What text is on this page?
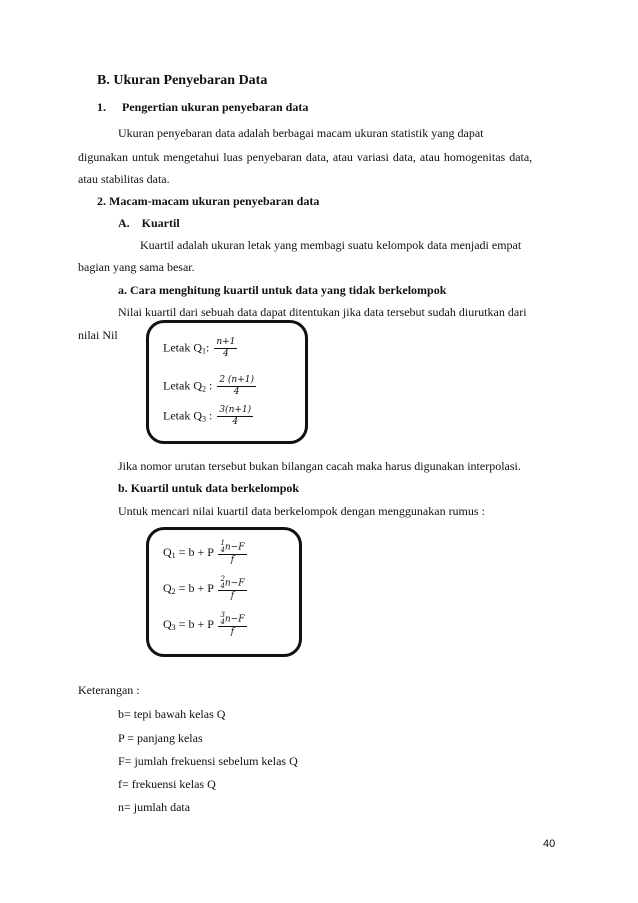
B. Ukuran Penyebaran Data
1. Pengertian ukuran penyebaran data
Ukuran penyebaran data adalah berbagai macam ukuran statistik yang dapat
digunakan untuk mengetahui luas penyebaran data, atau variasi data, atau homogenitas data,
atau stabilitas data.
2. Macam-macam ukuran penyebaran data
A. Kuartil
Kuartil adalah ukuran letak yang membagi suatu kelompok data menjadi empat
bagian yang sama besar.
a. Cara menghitung kuartil untuk data yang tidak berkelompok
Nilai kuartil dari sebuah data dapat ditentukan jika data tersebut sudah diurutkan dari
nilai Nil
Letak $Q_1$: $\frac{n+1}{4}$
Letak $Q_2$ : $\frac{2 (n+1)}{4}$
Letak $Q_3$ : $\frac{3(n+1)}{4}$
Jika nomor urutan tersebut bukan bilangan cacah maka harus digunakan interpolasi.
b. Kuartil untuk data berkelompok
Untuk mencari nilai kuartil data berkelompok dengan menggunakan rumus :
$Q_1 = b + P$ 1
4 n−F
f
$Q_2 = b + P$ 2
4 n−F
f
$Q_3 = b + P$ 3
4 n−F
f
Keterangan :
b= tepi bawah kelas Q
P = panjang kelas
F= jumlah frekuensi sebelum kelas Q
f= frekuensi kelas Q
n= jumlah data
40
